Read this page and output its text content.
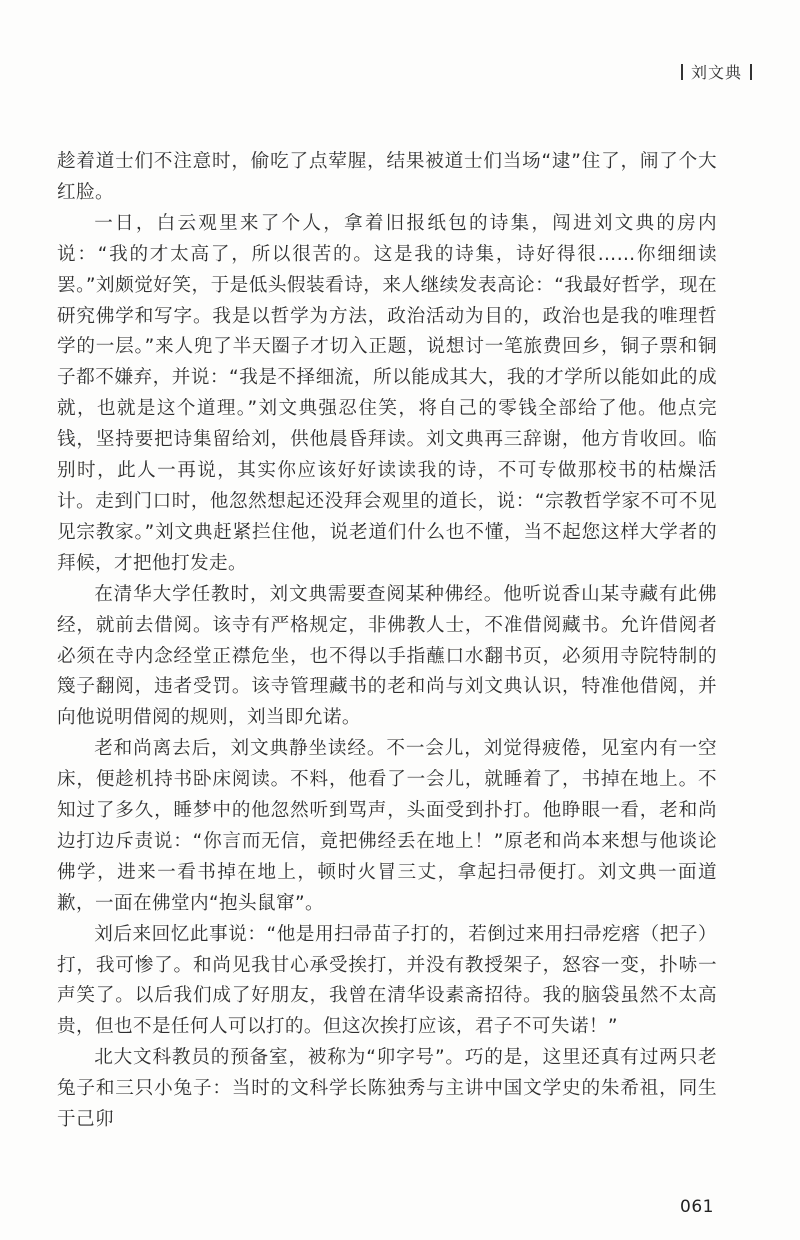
刘文典

趁着道士们不注意时，偷吃了点荤腥，结果被道士们当场“逮”住了，闹了个大红脸。

一日，白云观里来了个人，拿着旧报纸包的诗集，闯进刘文典的房内说：“我的才太高了，所以很苦的。这是我的诗集，诗好得很……你细细读罢。”刘颇觉好笑，于是低头假装看诗，来人继续发表高论：“我最好哲学，现在研究佛学和写字。我是以哲学为方法，政治活动为目的，政治也是我的唯理哲学的一层。”来人兜了半天圈子才切入正题，说想讨一笔旅费回乡，铜子票和铜子都不嫌弃，并说：“我是不择细流，所以能成其大，我的才学所以能如此的成就，也就是这个道理。”刘文典强忍住笑，将自己的零钱全部给了他。他点完钱，坚持要把诗集留给刘，供他晨昏拜读。刘文典再三辞谢，他方肯收回。临别时，此人一再说，其实你应该好好读读我的诗，不可专做那校书的枯燥活计。走到门口时，他忽然想起还没拜会观里的道长，说：“宗教哲学家不可不见见宗教家。”刘文典赶紧拦住他，说老道们什么也不懂，当不起您这样大学者的拜候，才把他打发走。

在清华大学任教时，刘文典需要查阅某种佛经。他听说香山某寺藏有此佛经，就前去借阅。该寺有严格规定，非佛教人士，不准借阅藏书。允许借阅者必须在寺内念经堂正襟危坐，也不得以手指蘸口水翻书页，必须用寺院特制的篾子翻阅，违者受罚。该寺管理藏书的老和尚与刘文典认识，特准他借阅，并向他说明借阅的规则，刘当即允诺。

老和尚离去后，刘文典静坐读经。不一会儿，刘觉得疲倦，见室内有一空床，便趁机持书卧床阅读。不料，他看了一会儿，就睡着了，书掉在地上。不知过了多久，睡梦中的他忽然听到骂声，头面受到扑打。他睁眼一看，老和尚边打边斥责说：“你言而无信，竟把佛经丢在地上！”原老和尚本来想与他谈论佛学，进来一看书掉在地上，顿时火冒三丈，拿起扫帚便打。刘文典一面道歉，一面在佛堂内“抱头鼠窜”。

刘后来回忆此事说：“他是用扫帚苗子打的，若倒过来用扫帚疙瘩（把子）打，我可惨了。和尚见我甘心承受挨打，并没有教授架子，怒容一变，扑哧一声笑了。以后我们成了好朋友，我曾在清华设素斋招待。我的脑袋虽然不太高贵，但也不是任何人可以打的。但这次挨打应该，君子不可失诺！”

北大文科教员的预备室，被称为“卯字号”。巧的是，这里还真有过两只老兔子和三只小兔子：当时的文科学长陈独秀与主讲中国文学史的朱希祖，同生于己卯

061
